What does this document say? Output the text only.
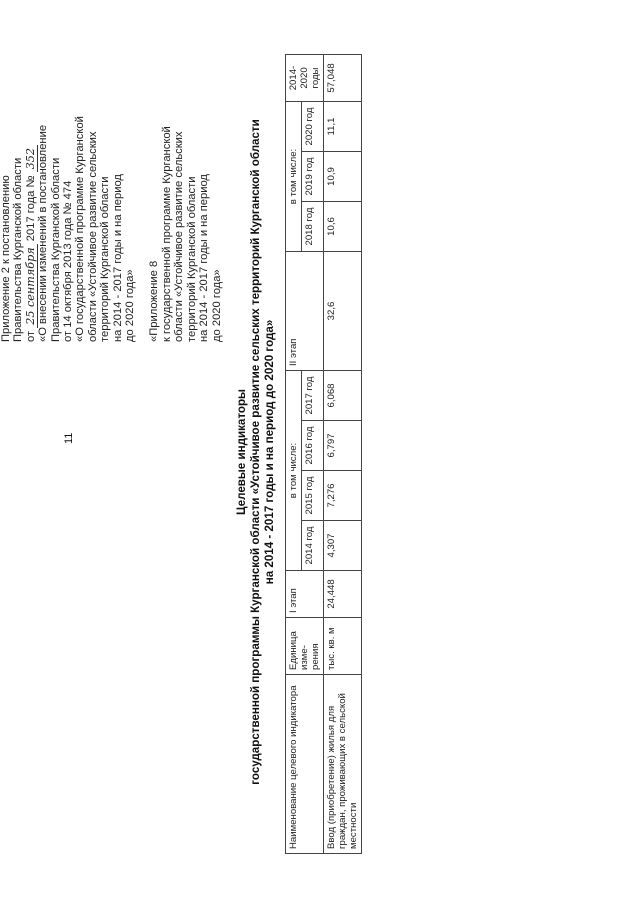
11

Приложение 2 к постановлению Правительства Курганской области от 25 сентября 2017 года № 352 «О внесении изменений в постановление Правительства Курганской области от 14 октября 2013 года № 474 «О государственной программе Курганской области «Устойчивое развитие сельских территорий Курганской области на 2014 - 2017 годы и на период до 2020 года» «Приложение 8 к государственной программе Курганской области «Устойчивое развитие сельских территорий Курганской области на 2014 - 2017 годы и на период до 2020 года»

Целевые индикаторы государственной программы Курганской области «Устойчивое развитие сельских территорий Курганской области на 2014 - 2017 годы и на период до 2020 года»
Наименование целевого индикатора	Единица изме-рения	I этап	в том числе:				II этап	в том числе:			2014-2020 годы
			2014 год	2015 год	2016 год	2017 год		2018 год	2019 год	2020 год	

Ввод (приобретение) жилья для граждан, проживающих в сельской местности	тыс. кв. м	24,448	4,307	7,276	6,797	6,068	32,6	10,6	10,9	11,1	57,048
